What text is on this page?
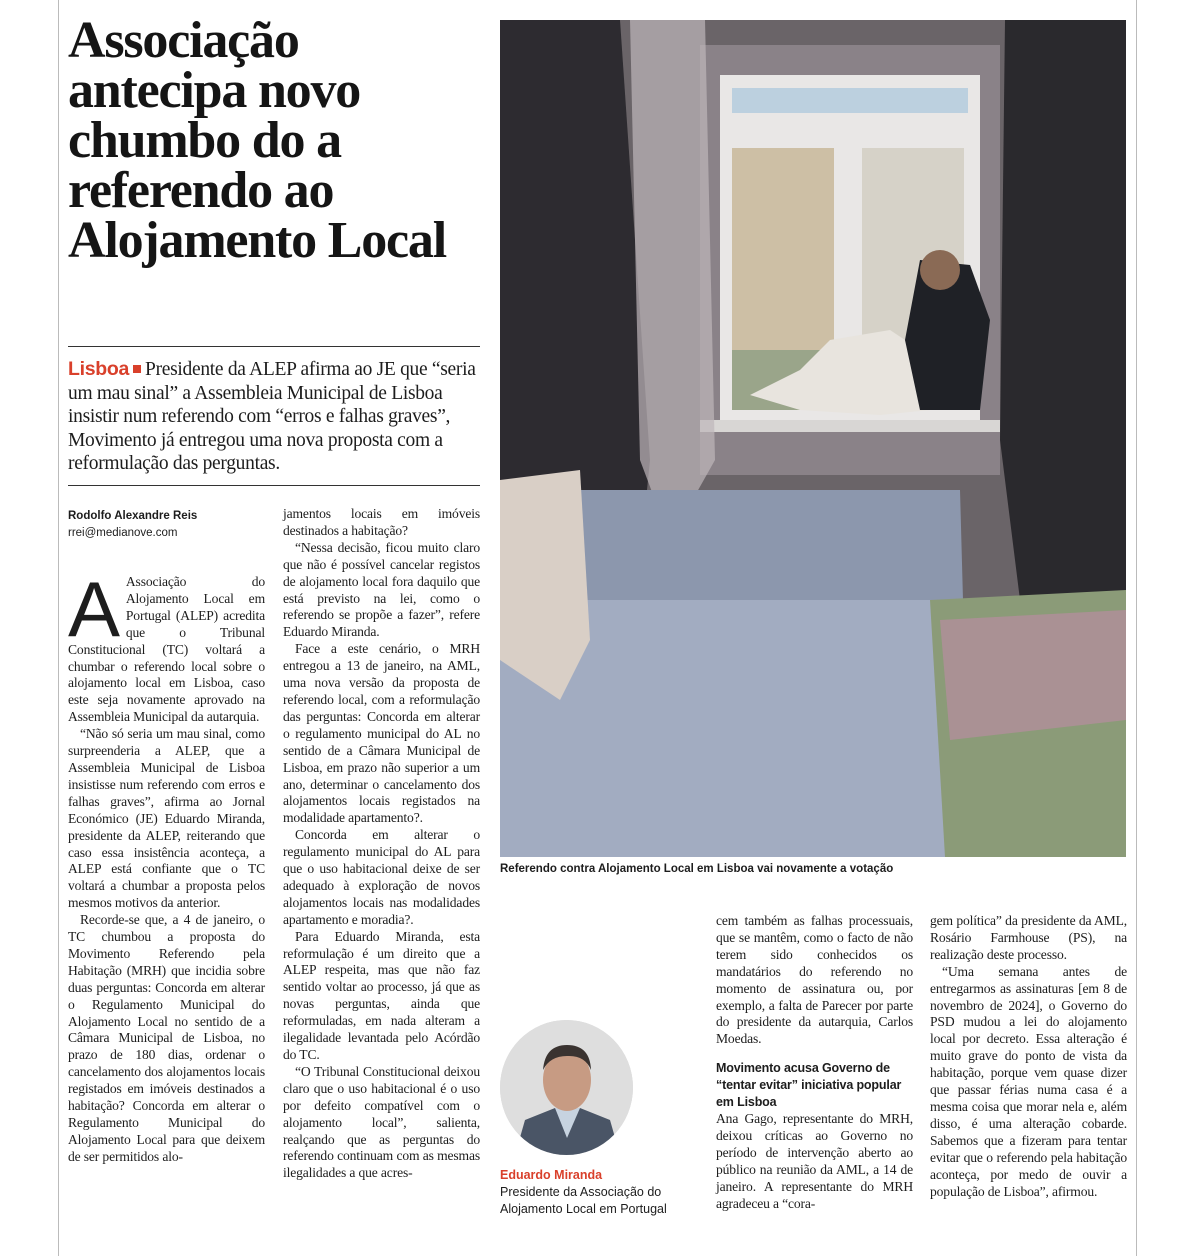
Associação antecipa novo chumbo do a referendo ao Alojamento Local
Lisboa Presidente da ALEP afirma ao JE que “seria um mau sinal” a Assembleia Municipal de Lisboa insistir num referendo com “erros e falhas graves”, Movimento já entregou uma nova proposta com a reformulação das perguntas.
Rodolfo Alexandre Reis
rrei@medianove.com
A Associação do Alojamento Local em Portugal (ALEP) acredita que o Tribunal Constitucional (TC) voltará a chumbar o referendo local sobre o alojamento local em Lisboa, caso este seja novamente aprovado na Assembleia Municipal da autarquia.

“Não só seria um mau sinal, como surpreenderia a ALEP, que a Assembleia Municipal de Lisboa insistisse num referendo com erros e falhas graves”, afirma ao Jornal Económico (JE) Eduardo Miranda, presidente da ALEP, reiterando que caso essa insistência aconteça, a ALEP está confiante que o TC voltará a chumbar a proposta pelos mesmos motivos da anterior.

Recorde-se que, a 4 de janeiro, o TC chumbou a proposta do Movimento Referendo pela Habitação (MRH) que incidia sobre duas perguntas: Concorda em alterar o Regulamento Municipal do Alojamento Local no sentido de a Câmara Municipal de Lisboa, no prazo de 180 dias, ordenar o cancelamento dos alojamentos locais registados em imóveis destinados a habitação? Concorda em alterar o Regulamento Municipal do Alojamento Local para que deixem de ser permitidos alo-

jamentos locais em imóveis destinados a habitação?

“Nessa decisão, ficou muito claro que não é possível cancelar registos de alojamento local fora daquilo que está previsto na lei, como o referendo se propõe a fazer”, refere Eduardo Miranda.

Face a este cenário, o MRH entregou a 13 de janeiro, na AML, uma nova versão da proposta de referendo local, com a reformulação das perguntas: Concorda em alterar o regulamento municipal do AL no sentido de a Câmara Municipal de Lisboa, em prazo não superior a um ano, determinar o cancelamento dos alojamentos locais registados na modalidade apartamento?.

Concorda em alterar o regulamento municipal do AL para que o uso habitacional deixe de ser adequado à exploração de novos alojamentos locais nas modalidades apartamento e moradia?.

Para Eduardo Miranda, esta reformulação é um direito que a ALEP respeita, mas que não faz sentido voltar ao processo, já que as novas perguntas, ainda que reformuladas, em nada alteram a ilegalidade levantada pelo Acórdão do TC.

“O Tribunal Constitucional deixou claro que o uso habitacional é o uso por defeito compatível com o alojamento local”, salienta, realçando que as perguntas do referendo continuam com as mesmas ilegalidades a que acres-

Referendo contra Alojamento Local em Lisboa vai novamente a votação
Eduardo Miranda
Presidente da Associação do Alojamento Local em Portugal

cem também as falhas processuais, que se mantêm, como o facto de não terem sido conhecidos os mandatários do referendo no momento de assinatura ou, por exemplo, a falta de Parecer por parte do presidente da autarquia, Carlos Moedas.

Movimento acusa Governo de “tentar evitar” iniciativa popular em Lisboa

Ana Gago, representante do MRH, deixou críticas ao Governo no período de intervenção aberto ao público na reunião da AML, a 14 de janeiro. A representante do MRH agradeceu a “cora-

gem política” da presidente da AML, Rosário Farmhouse (PS), na realização deste processo.

“Uma semana antes de entregarmos as assinaturas [em 8 de novembro de 2024], o Governo do PSD mudou a lei do alojamento local por decreto. Essa alteração é muito grave do ponto de vista da habitação, porque vem quase dizer que passar férias numa casa é a mesma coisa que morar nela e, além disso, é uma alteração cobarde. Sabemos que a fizeram para tentar evitar que o referendo pela habitação aconteça, por medo de ouvir a população de Lisboa”, afirmou.
